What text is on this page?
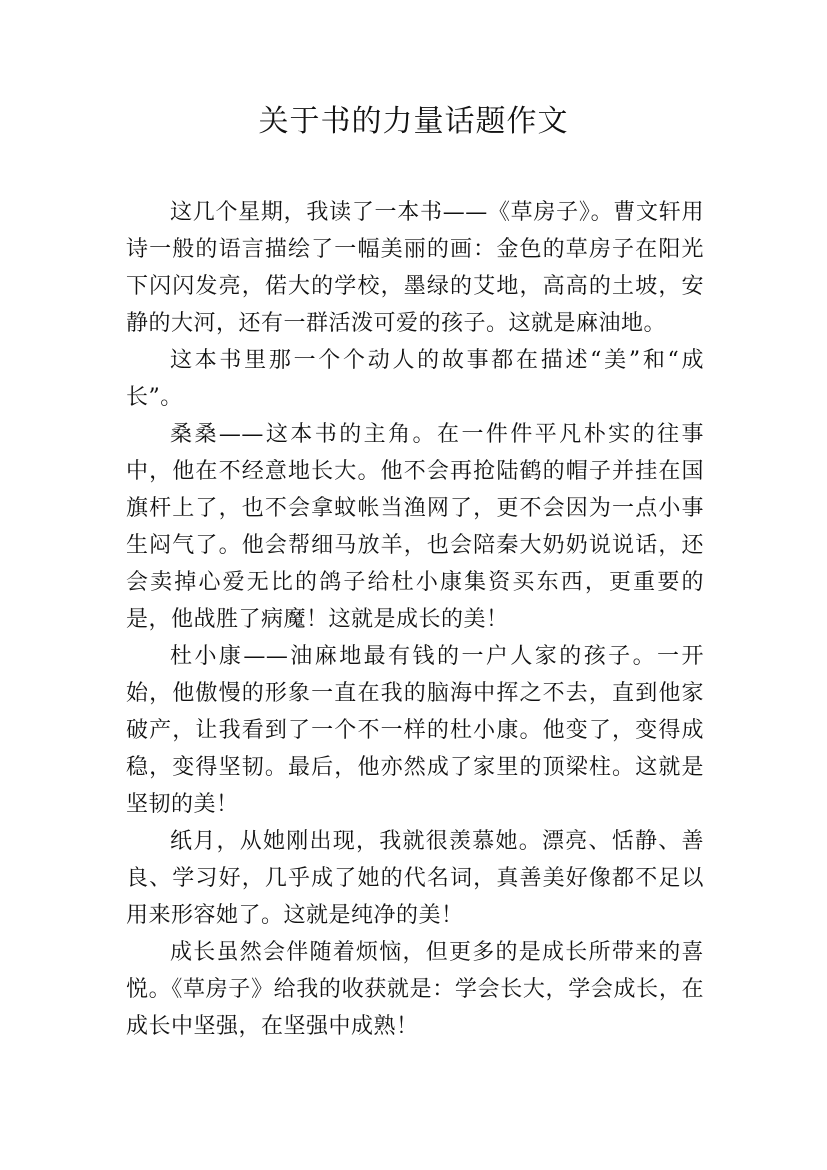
关于书的力量话题作文

这几个星期，我读了一本书——《草房子》。曹文轩用诗一般的语言描绘了一幅美丽的画：金色的草房子在阳光下闪闪发亮，偌大的学校，墨绿的艾地，高高的土坡，安静的大河，还有一群活泼可爱的孩子。这就是麻油地。

这本书里那一个个动人的故事都在描述“美”和“成长”。

桑桑——这本书的主角。在一件件平凡朴实的往事中，他在不经意地长大。他不会再抢陆鹤的帽子并挂在国旗杆上了，也不会拿蚊帐当渔网了，更不会因为一点小事生闷气了。他会帮细马放羊，也会陪秦大奶奶说说话，还会卖掉心爱无比的鸽子给杜小康集资买东西，更重要的是，他战胜了病魔！这就是成长的美！

杜小康——油麻地最有钱的一户人家的孩子。一开始，他傲慢的形象一直在我的脑海中挥之不去，直到他家破产，让我看到了一个不一样的杜小康。他变了，变得成稳，变得坚韧。最后，他亦然成了家里的顶梁柱。这就是坚韧的美！

纸月，从她刚出现，我就很羡慕她。漂亮、恬静、善良、学习好，几乎成了她的代名词，真善美好像都不足以用来形容她了。这就是纯净的美！

成长虽然会伴随着烦恼，但更多的是成长所带来的喜悦。《草房子》给我的收获就是：学会长大，学会成长，在成长中坚强，在坚强中成熟！
